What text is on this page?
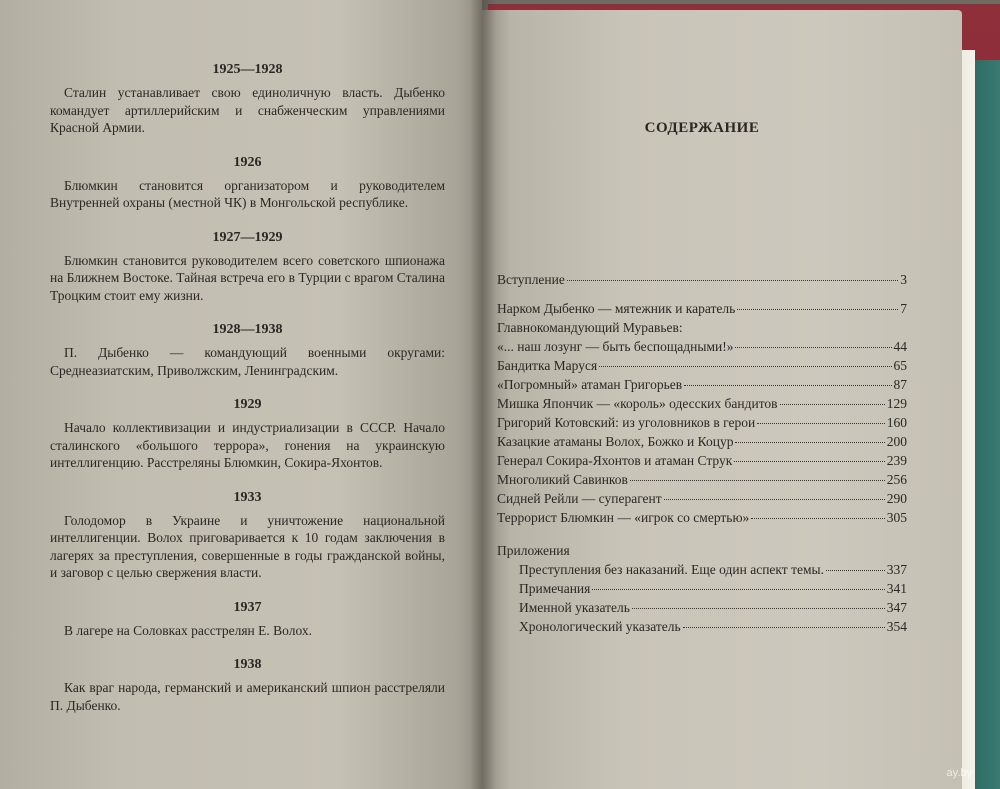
1925—1928
Сталин устанавливает свою единоличную власть. Дыбенко командует артиллерийским и снабженческим управлениями Красной Армии.
1926
Блюмкин становится организатором и руководителем Внутренней охраны (местной ЧК) в Монгольской республике.
1927—1929
Блюмкин становится руководителем всего советского шпионажа на Ближнем Востоке. Тайная встреча его в Турции с врагом Сталина Троцким стоит ему жизни.
1928—1938
П. Дыбенко — командующий военными округами: Среднеазиатским, Приволжским, Ленинградским.
1929
Начало коллективизации и индустриализации в СССР. Начало сталинского «большого террора», гонения на украинскую интеллигенцию. Расстреляны Блюмкин, Сокира-Яхонтов.
1933
Голодомор в Украине и уничтожение национальной интеллигенции. Волох приговаривается к 10 годам заключения в лагерях за преступления, совершенные в годы гражданской войны, и заговор с целью свержения власти.
1937
В лагере на Соловках расстрелян Е. Волох.
1938
Как враг народа, германский и американский шпион расстреляли П. Дыбенко.
СОДЕРЖАНИЕ
Вступление	3
Нарком Дыбенко — мятежник и каратель	7
Главнокомандующий Муравьев:
«... наш лозунг — быть беспощадными!»	44
Бандитка Маруся	65
«Погромный» атаман Григорьев	87
Мишка Япончик — «король» одесских бандитов	129
Григорий Котовский: из уголовников в герои	160
Казацкие атаманы Волох, Божко и Коцур	200
Генерал Сокира-Яхонтов и атаман Струк	239
Многоликий Савинков	256
Сидней Рейли — суперагент	290
Террорист Блюмкин — «игрок со смертью»	305
Приложения
Преступления без наказаний. Еще один аспект темы.	337
Примечания	341
Именной указатель	347
Хронологический указатель	354
ay.by
